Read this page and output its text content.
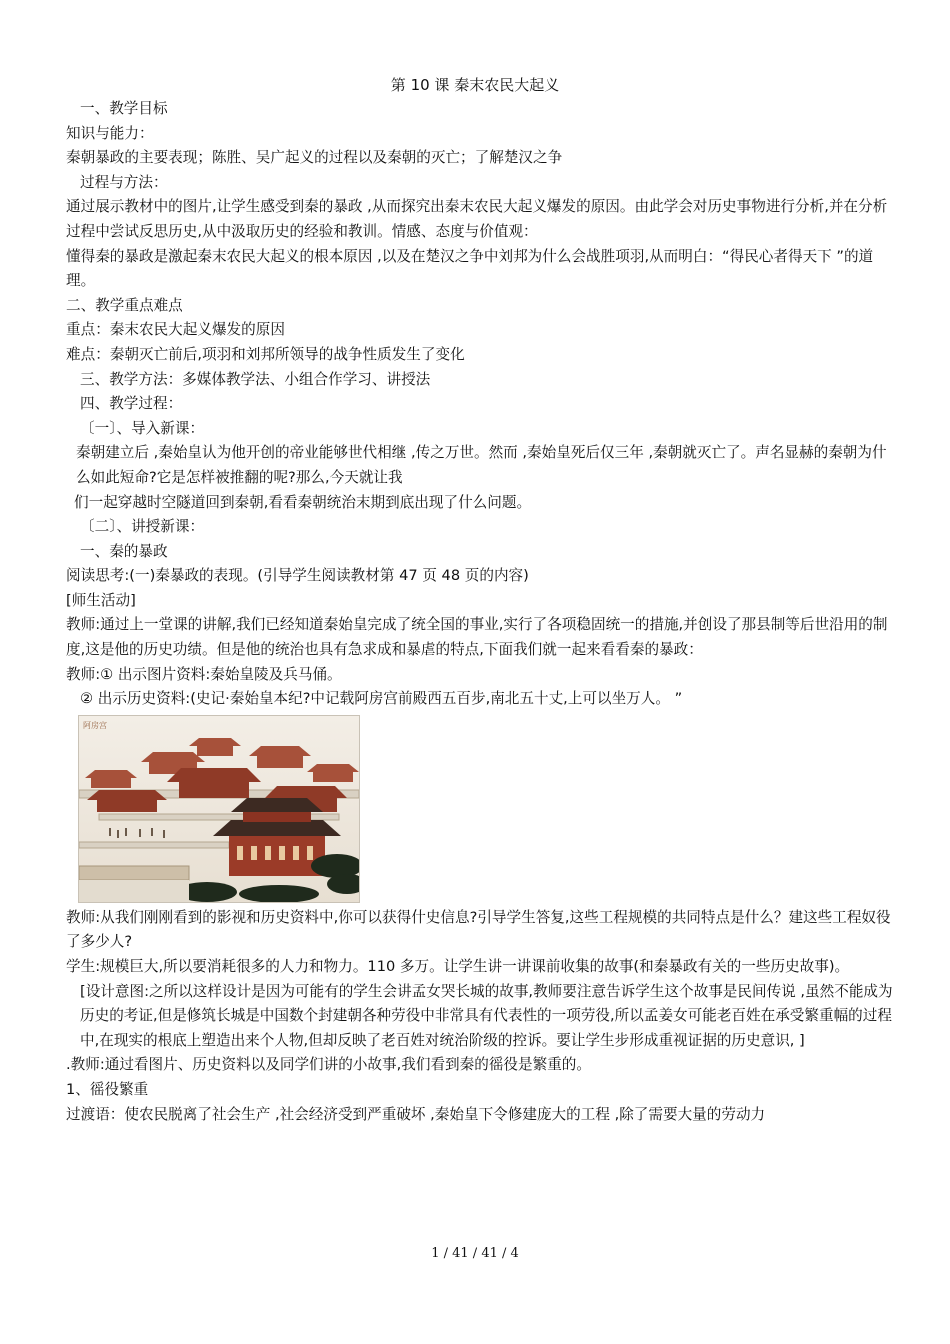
第 10 课 秦末农民大起义

一、教学目标

知识与能力：

秦朝暴政的主要表现；陈胜、吴广起义的过程以及秦朝的灭亡；了解楚汉之争

过程与方法：

通过展示教材中的图片,让学生感受到秦的暴政 ,从而探究出秦末农民大起义爆发的原因。由此学会对历史事物进行分析,并在分析过程中尝试反思历史,从中汲取历史的经验和教训。情感、态度与价值观：

懂得秦的暴政是激起秦末农民大起义的根本原因 ,以及在楚汉之争中刘邦为什么会战胜项羽,从而明白：“得民心者得天下 ”的道理。

二、教学重点难点

重点：秦末农民大起义爆发的原因

难点：秦朝灭亡前后,项羽和刘邦所领导的战争性质发生了变化

三、教学方法：多媒体教学法、小组合作学习、讲授法

四、教学过程：

〔一〕、导入新课：

秦朝建立后 ,秦始皇认为他开创的帝业能够世代相继 ,传之万世。然而 ,秦始皇死后仅三年 ,秦朝就灭亡了。声名显赫的秦朝为什么如此短命?它是怎样被推翻的呢?那么,今天就让我

们一起穿越时空隧道回到秦朝,看看秦朝统治末期到底出现了什么问题。

〔二〕、讲授新课：

一、秦的暴政

阅读思考:(一)秦暴政的表现。(引导学生阅读教材第 47 页 48 页的内容)

[师生活动]

教师:通过上一堂课的讲解,我们已经知道秦始皇完成了统全国的事业,实行了各项稳固统一的措施,并创设了那县制等后世沿用的制度,这是他的历史功绩。但是他的统治也具有急求成和暴虐的特点,下面我们就一起来看看秦的暴政：

教师:① 出示图片资料:秦始皇陵及兵马俑。

② 出示历史资料:(史记·秦始皇本纪?中记载阿房宫前殿西五百步,南北五十丈,上可以坐万人。 ”

阿房宫

教师:从我们刚刚看到的影视和历史资料中,你可以获得什史信息?引导学生答复,这些工程规模的共同特点是什么？建这些工程奴役了多少人?

学生:规模巨大,所以要消耗很多的人力和物力。110 多万。让学生讲一讲课前收集的故事(和秦暴政有关的一些历史故事)。

[设计意图:之所以这样设计是因为可能有的学生会讲孟女哭长城的故事,教师要注意告诉学生这个故事是民间传说 ,虽然不能成为历史的考证,但是修筑长城是中国数个封建朝各种劳役中非常具有代表性的一项劳役,所以孟姜女可能老百姓在承受繁重幅的过程中,在现实的根底上塑造出来个人物,但却反映了老百姓对统治阶级的控诉。要让学生步形成重视证据的历史意识, ]

.教师:通过看图片、历史资料以及同学们讲的小故事,我们看到秦的徭役是繁重的。

1、徭役繁重

过渡语：使农民脱离了社会生产 ,社会经济受到严重破坏 ,秦始皇下令修建庞大的工程 ,除了需要大量的劳动力

1 / 41 / 41 / 4
